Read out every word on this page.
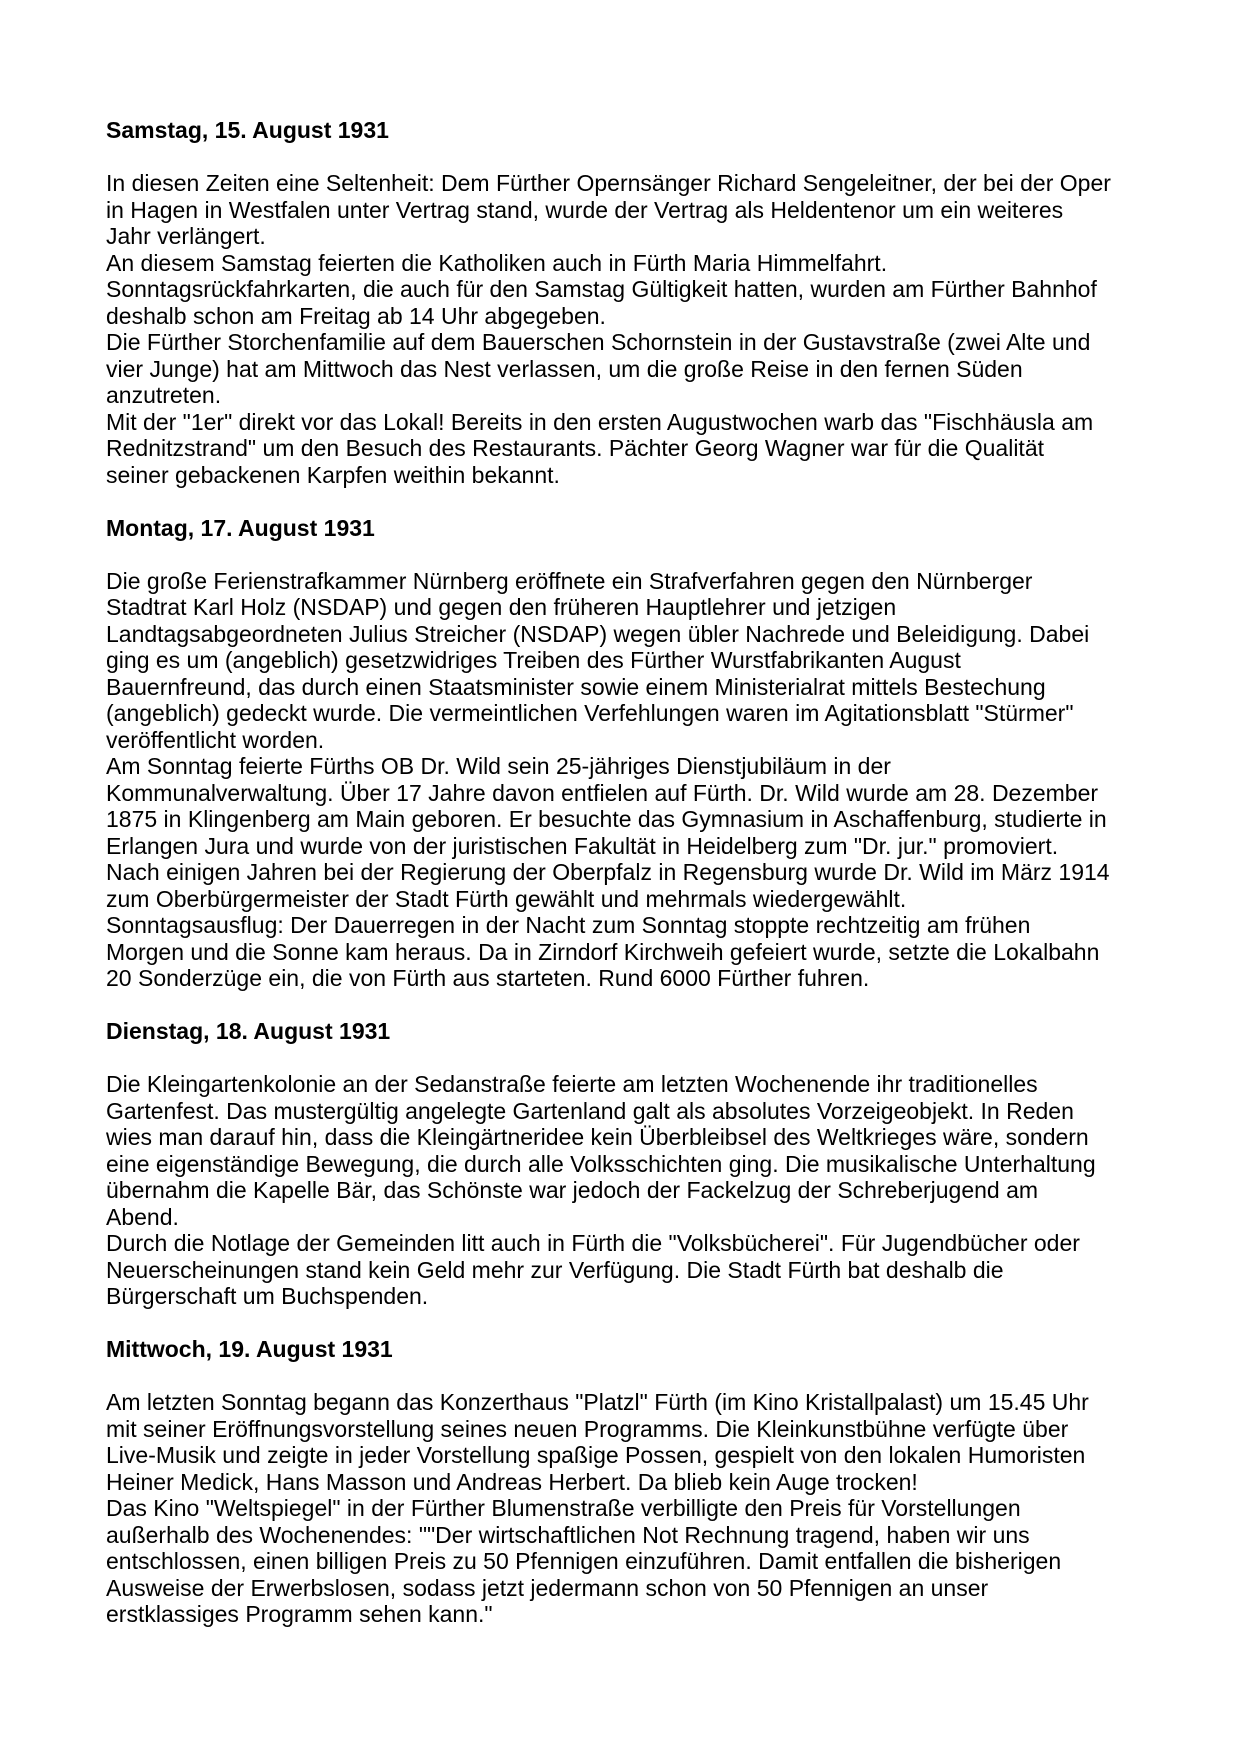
Samstag, 15. August 1931
In diesen Zeiten eine Seltenheit: Dem Fürther Opernsänger Richard Sengeleitner, der bei der Oper
in Hagen in Westfalen unter Vertrag stand, wurde der Vertrag als Heldentenor um ein weiteres
Jahr verlängert.
An diesem Samstag feierten die Katholiken auch in Fürth Maria Himmelfahrt.
Sonntagsrückfahrkarten, die auch für den Samstag Gültigkeit hatten, wurden am Fürther Bahnhof
deshalb schon am Freitag ab 14 Uhr abgegeben.
Die Fürther Storchenfamilie auf dem Bauerschen Schornstein in der Gustavstraße (zwei Alte und
vier Junge) hat am Mittwoch das Nest verlassen, um die große Reise in den fernen Süden
anzutreten.
Mit der "1er" direkt vor das Lokal! Bereits in den ersten Augustwochen warb das "Fischhäusla am
Rednitzstrand" um den Besuch des Restaurants. Pächter Georg Wagner war für die Qualität
seiner gebackenen Karpfen weithin bekannt.
Montag, 17. August 1931
Die große Ferienstrafkammer Nürnberg eröffnete ein Strafverfahren gegen den Nürnberger
Stadtrat Karl Holz (NSDAP) und gegen den früheren Hauptlehrer und jetzigen
Landtagsabgeordneten Julius Streicher (NSDAP) wegen übler Nachrede und Beleidigung. Dabei
ging es um (angeblich) gesetzwidriges Treiben des Fürther Wurstfabrikanten August
Bauernfreund, das durch einen Staatsminister sowie einem Ministerialrat mittels Bestechung
(angeblich) gedeckt wurde. Die vermeintlichen Verfehlungen waren im Agitationsblatt "Stürmer"
veröffentlicht worden.
Am Sonntag feierte Fürths OB Dr. Wild sein 25-jähriges Dienstjubiläum in der
Kommunalverwaltung. Über 17 Jahre davon entfielen auf Fürth. Dr. Wild wurde am 28. Dezember
1875 in Klingenberg am Main geboren. Er besuchte das Gymnasium in Aschaffenburg, studierte in
Erlangen Jura und wurde von der juristischen Fakultät in Heidelberg zum "Dr. jur." promoviert.
Nach einigen Jahren bei der Regierung der Oberpfalz in Regensburg wurde Dr. Wild im März 1914
zum Oberbürgermeister der Stadt Fürth gewählt und mehrmals wiedergewählt.
Sonntagsausflug: Der Dauerregen in der Nacht zum Sonntag stoppte rechtzeitig am frühen
Morgen und die Sonne kam heraus. Da in Zirndorf Kirchweih gefeiert wurde, setzte die Lokalbahn
20 Sonderzüge ein, die von Fürth aus starteten. Rund 6000 Fürther fuhren.
Dienstag, 18. August 1931
Die Kleingartenkolonie an der Sedanstraße feierte am letzten Wochenende ihr traditionelles
Gartenfest. Das mustergültig angelegte Gartenland galt als absolutes Vorzeigeobjekt. In Reden
wies man darauf hin, dass die Kleingärtneridee kein Überbleibsel des Weltkrieges wäre, sondern
eine eigenständige Bewegung, die durch alle Volksschichten ging. Die musikalische Unterhaltung
übernahm die Kapelle Bär, das Schönste war jedoch der Fackelzug der Schreberjugend am
Abend.
Durch die Notlage der Gemeinden litt auch in Fürth die "Volksbücherei". Für Jugendbücher oder
Neuerscheinungen stand kein Geld mehr zur Verfügung. Die Stadt Fürth bat deshalb die
Bürgerschaft um Buchspenden.
Mittwoch, 19. August 1931
Am letzten Sonntag begann das Konzerthaus "Platzl" Fürth (im Kino Kristallpalast) um 15.45 Uhr
mit seiner Eröffnungsvorstellung seines neuen Programms. Die Kleinkunstbühne verfügte über
Live-Musik und zeigte in jeder Vorstellung spaßige Possen, gespielt von den lokalen Humoristen
Heiner Medick, Hans Masson und Andreas Herbert. Da blieb kein Auge trocken!
Das Kino "Weltspiegel" in der Fürther Blumenstraße verbilligte den Preis für Vorstellungen
außerhalb des Wochenendes: ""Der wirtschaftlichen Not Rechnung tragend, haben wir uns
entschlossen, einen billigen Preis zu 50 Pfennigen einzuführen. Damit entfallen die bisherigen
Ausweise der Erwerbslosen, sodass jetzt jedermann schon von 50 Pfennigen an unser
erstklassiges Programm sehen kann."
